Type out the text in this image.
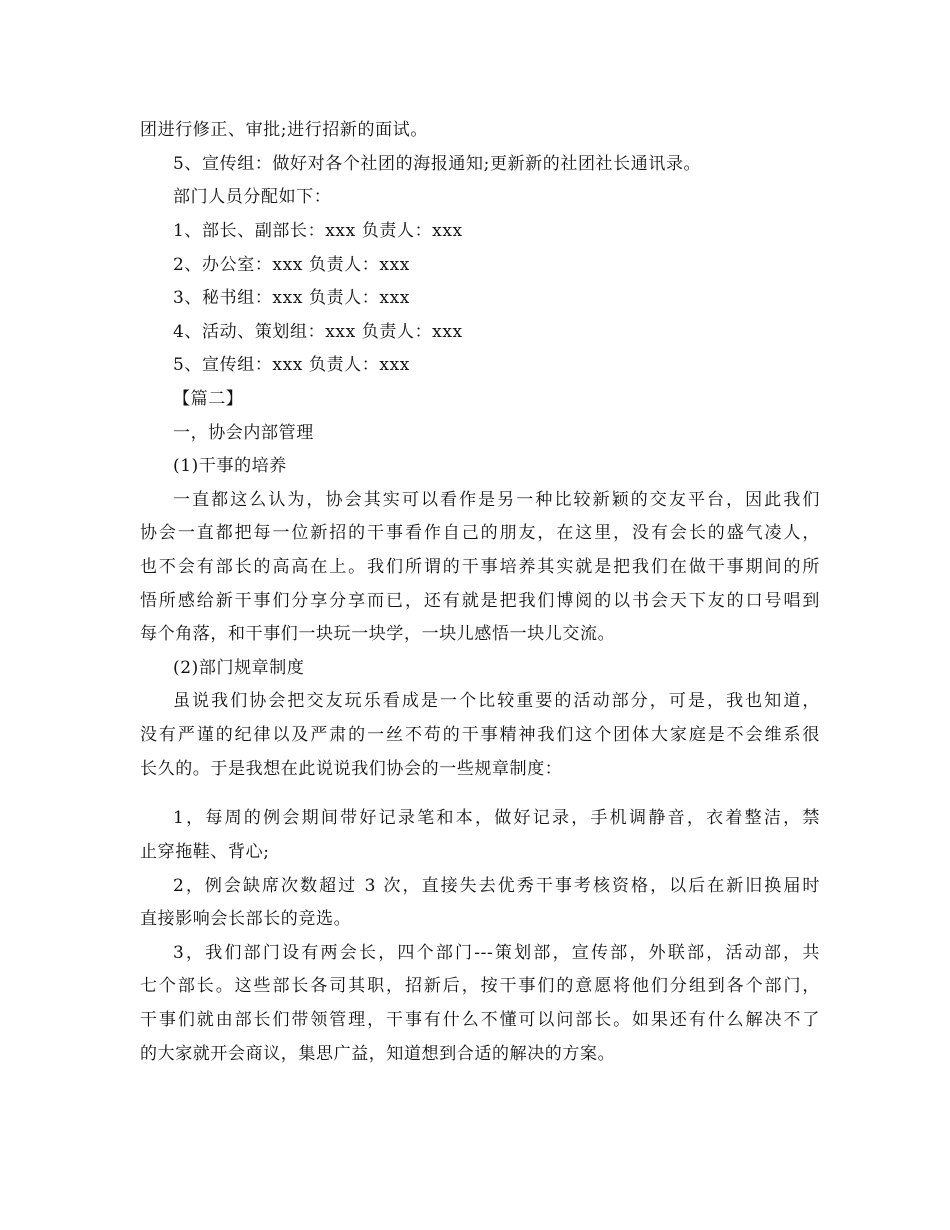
团进行修正、审批;进行招新的面试。
5、宣传组：做好对各个社团的海报通知;更新新的社团社长通讯录。
部门人员分配如下：
1、部长、副部长：xxx 负责人：xxx
2、办公室：xxx 负责人：xxx
3、秘书组：xxx 负责人：xxx
4、活动、策划组：xxx 负责人：xxx
5、宣传组：xxx 负责人：xxx
【篇二】
一，协会内部管理
(1)干事的培养
一直都这么认为，协会其实可以看作是另一种比较新颖的交友平台，因此我们
协会一直都把每一位新招的干事看作自己的朋友，在这里，没有会长的盛气凌人，
也不会有部长的高高在上。我们所谓的干事培养其实就是把我们在做干事期间的所
悟所感给新干事们分享分享而已，还有就是把我们博阅的以书会天下友的口号唱到
每个角落，和干事们一块玩一块学，一块儿感悟一块儿交流。
(2)部门规章制度
虽说我们协会把交友玩乐看成是一个比较重要的活动部分，可是，我也知道，
没有严谨的纪律以及严肃的一丝不苟的干事精神我们这个团体大家庭是不会维系很
长久的。于是我想在此说说我们协会的一些规章制度：
1，每周的例会期间带好记录笔和本，做好记录，手机调静音，衣着整洁，禁
止穿拖鞋、背心;
2，例会缺席次数超过 3 次，直接失去优秀干事考核资格，以后在新旧换届时
直接影响会长部长的竞选。
3，我们部门设有两会长，四个部门---策划部，宣传部，外联部，活动部，共
七个部长。这些部长各司其职，招新后，按干事们的意愿将他们分组到各个部门，
干事们就由部长们带领管理，干事有什么不懂可以问部长。如果还有什么解决不了
的大家就开会商议，集思广益，知道想到合适的解决的方案。
